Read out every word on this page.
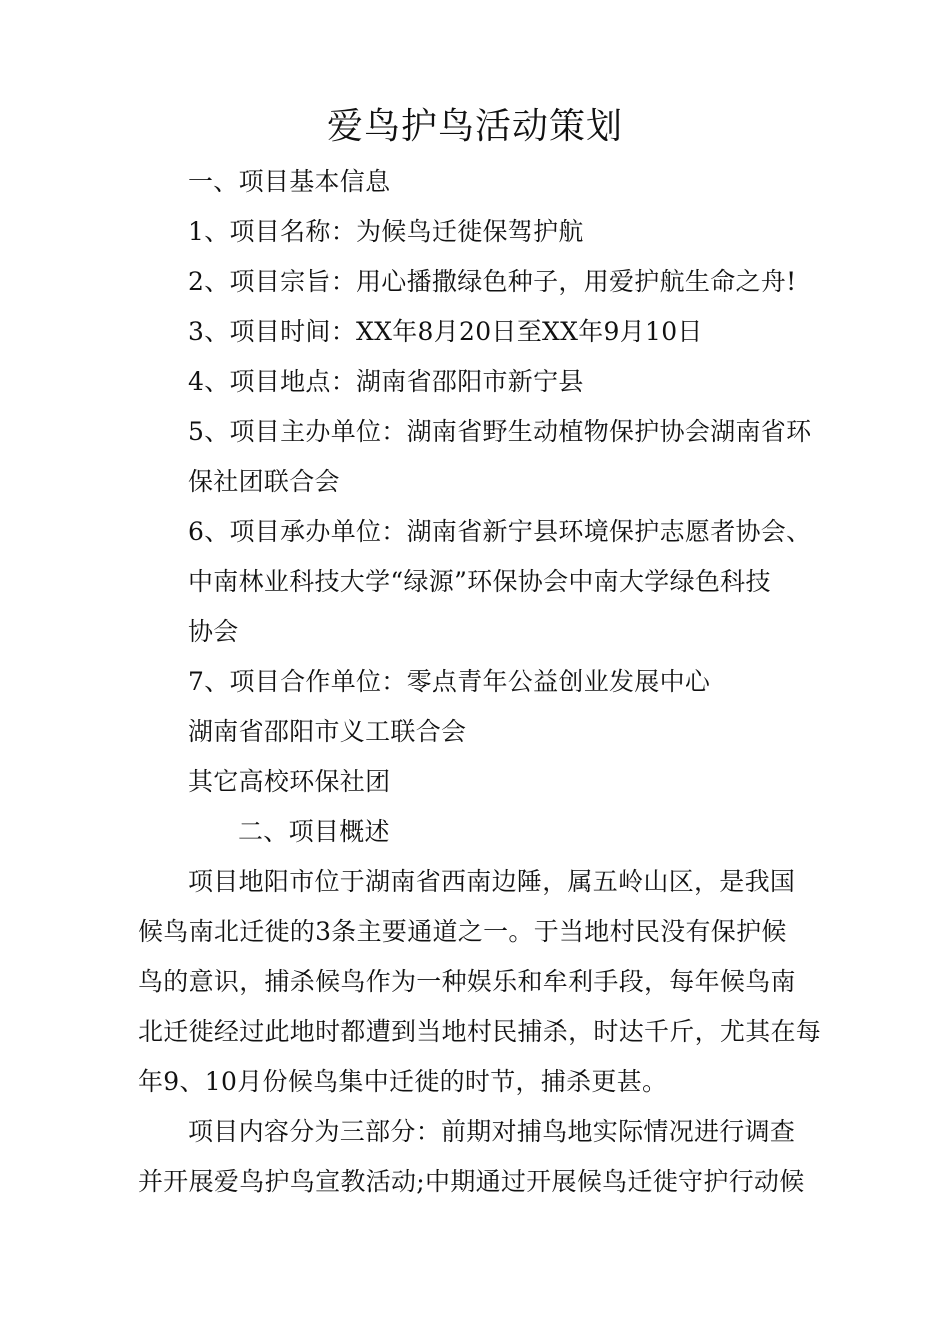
爱鸟护鸟活动策划
一、项目基本信息
1、项目名称：为候鸟迁徙保驾护航
2、项目宗旨：用心播撒绿色种子，用爱护航生命之舟!
3、项目时间：XX年8月20日至XX年9月10日
4、项目地点：湖南省邵阳市新宁县
5、项目主办单位：湖南省野生动植物保护协会湖南省环
保社团联合会
6、项目承办单位：湖南省新宁县环境保护志愿者协会、
中南林业科技大学“绿源”环保协会中南大学绿色科技
协会
7、项目合作单位：零点青年公益创业发展中心
湖南省邵阳市义工联合会
其它高校环保社团
二、项目概述
项目地阳市位于湖南省西南边陲，属五岭山区，是我国
候鸟南北迁徙的3条主要通道之一。于当地村民没有保护候
鸟的意识，捕杀候鸟作为一种娱乐和牟利手段，每年候鸟南
北迁徙经过此地时都遭到当地村民捕杀，时达千斤，尤其在每
年9、10月份候鸟集中迁徙的时节，捕杀更甚。
项目内容分为三部分：前期对捕鸟地实际情况进行调查
并开展爱鸟护鸟宣教活动;中期通过开展候鸟迁徙守护行动候
